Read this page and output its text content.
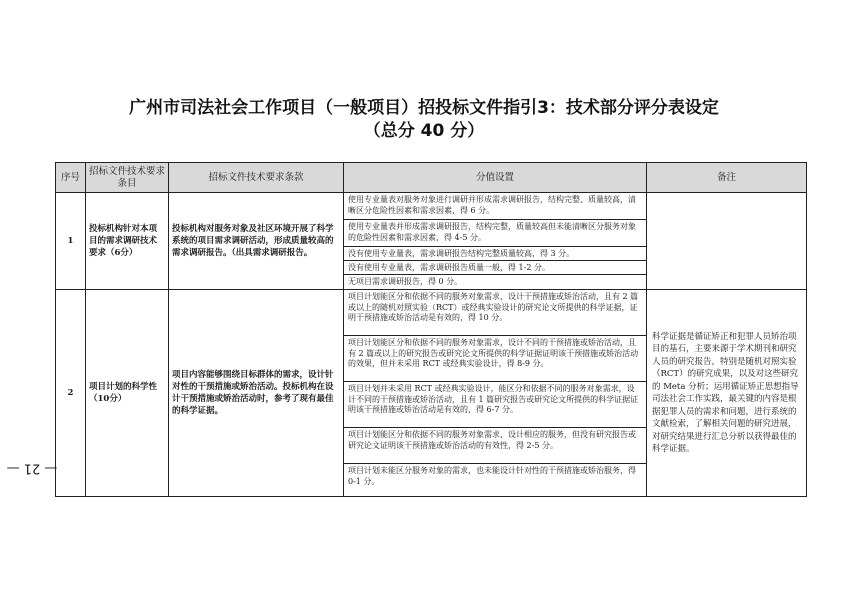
广州市司法社会工作项目（一般项目）招投标文件指引3：技术部分评分表设定
（总分 40 分）
— 21 —
序号	招标文件技术要求条目	招标文件技术要求条款	分值设置	备注
1	投标机构针对本项目的需求调研技术要求（6分）	投标机构对服务对象及社区环境开展了科学系统的项目需求调研活动，形成质量较高的需求调研报告。（出具需求调研报告。	使用专业量表对服务对象进行调研并形成需求调研报告，结构完整、质量较高，清晰区分危险性因素和需求因素，得 6 分。
使用专业量表并形成需求调研报告，结构完整，质量较高但未能清晰区分服务对象的危险性因素和需求因素，得 4-5 分。
没有使用专业量表，需求调研报告结构完整质量较高，得 3 分。
没有使用专业量表，需求调研报告质量一般，得 1-2 分。
无项目需求调研报告，得 0 分。	

2	项目计划的科学性（10分）	项目内容能够围绕目标群体的需求，设计针对性的干预措施或矫治活动。投标机构在设计干预措施或矫治活动时，参考了现有最佳的科学证据。	项目计划能区分和依据不同的服务对象需求，设计干预措施或矫治活动，且有 2 篇或以上的随机对照实验（RCT）或经典实验设计的研究论文所提供的科学证据，证明干预措施或矫治活动是有效的，得 10 分。
项目计划能区分和依据不同的服务对象需求，设计不同的干预措施或矫治活动，且有 2 篇或以上的研究报告或研究论文所提供的科学证据证明该干预措施或矫治活动的效果，但并未采用 RCT 或经典实验设计，得 8-9 分。
项目计划并未采用 RCT 或经典实验设计，能区分和依据不同的服务对象需求，设计不同的干预措施或矫治活动，且有 1 篇研究报告或研究论文所提供的科学证据证明该干预措施或矫治活动是有效的，得 6-7 分。
项目计划能区分和依据不同的服务对象需求，设计相应的服务，但没有研究报告或研究论文证明该干预措施或矫治活动的有效性，得 2-5 分。
项目计划未能区分服务对象的需求，也未能设计针对性的干预措施或矫治服务，得 0-1 分。	科学证据是循证矫正和犯罪人员矫治项目的基石，主要来源于学术期刊和研究人员的研究报告，特别是随机对照实验（RCT）的研究成果，以及对这些研究的 Meta 分析；运用循证矫正思想指导司法社会工作实践，最关键的内容是根据犯罪人员的需求和问题，进行系统的文献检索，了解相关问题的研究进展，对研究结果进行汇总分析以获得最佳的科学证据。
